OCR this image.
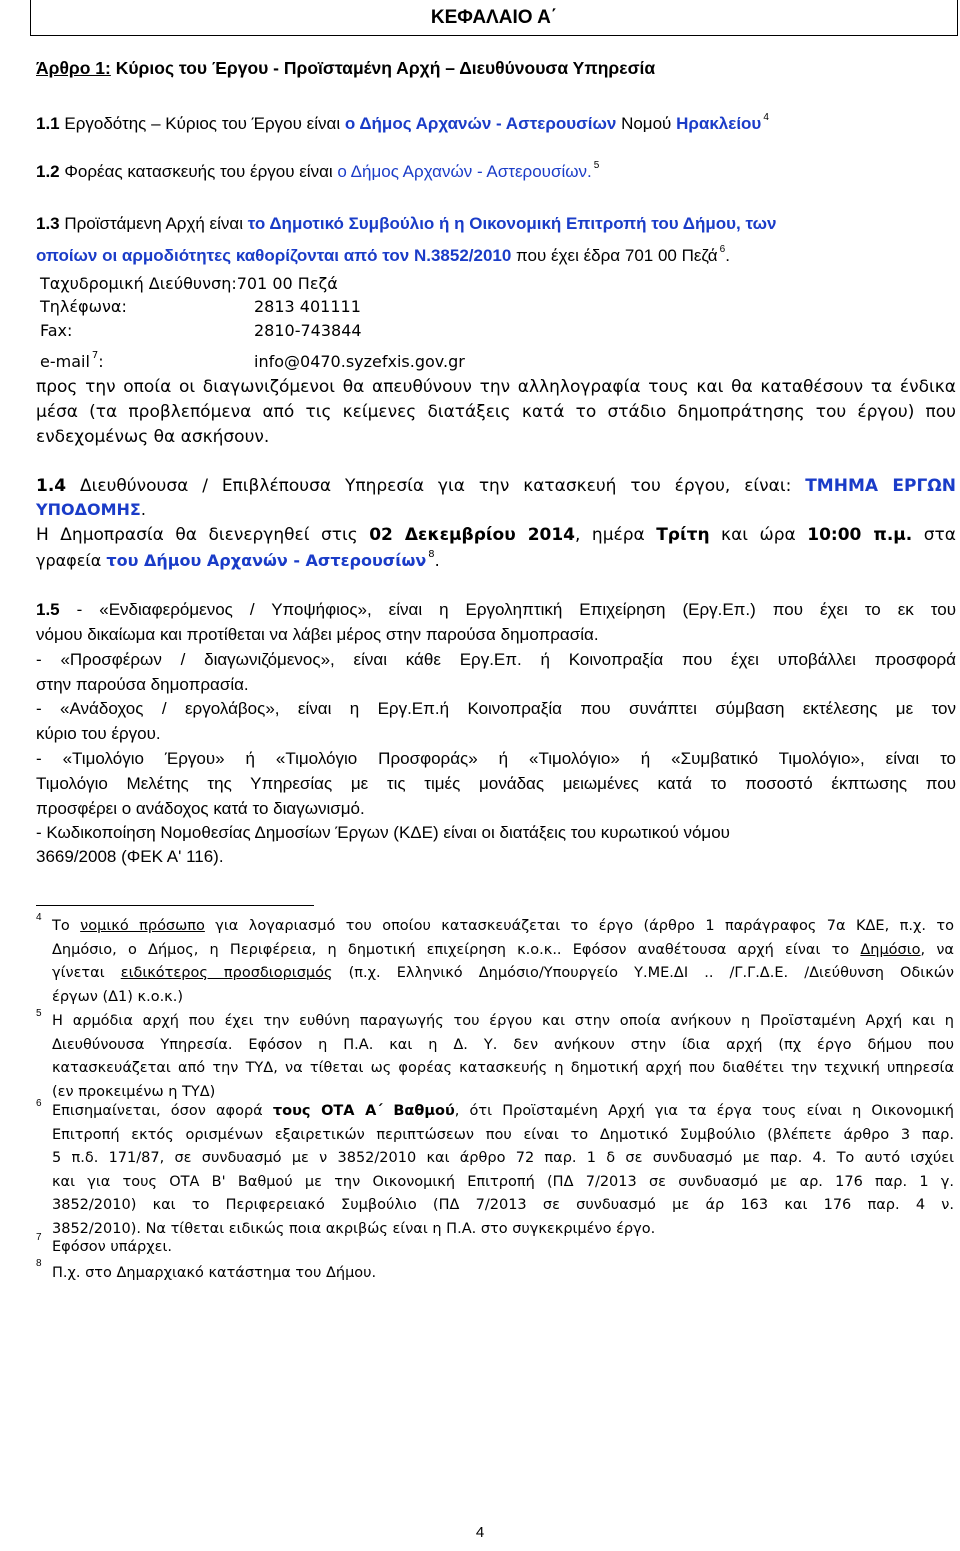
ΚΕΦΑΛΑΙΟ Α΄
Άρθρο 1: Κύριος του Έργου - Προϊσταμένη Αρχή – Διευθύνουσα Υπηρεσία
1.1 Εργοδότης – Κύριος του Έργου είναι ο Δήμος Αρχανών - Αστερουσίων Νομού Ηρακλείου $^4$
1.2 Φορέας κατασκευής του έργου είναι ο Δήμος Αρχανών - Αστερουσίων. $^5$
1.3 Προϊστάμενη Αρχή είναι το Δημοτικό Συμβούλιο ή η Οικονομική Επιτροπή του Δήμου, των
οποίων οι αρμοδιότητες καθορίζονται από τον Ν.3852/2010 που έχει έδρα 701 00 Πεζά $^6$.
Ταχυδρομική Διεύθυνση:701 00 Πεζά
Τηλέφωνα:	2813 401111
Fax:	2810-743844
e-mail $^7$:	info@0470.syzefxis.gov.gr
προς την οποία οι διαγωνιζόμενοι θα απευθύνουν την αλληλογραφία τους και θα καταθέσουν τα ένδικα
μέσα (τα προβλεπόμενα από τις κείμενες διατάξεις κατά το στάδιο δημοπράτησης του έργου) που
ενδεχομένως θα ασκήσουν.
1.4 Διευθύνουσα / Επιβλέπουσα Υπηρεσία για την κατασκευή του έργου, είναι: ΤΜΗΜΑ ΕΡΓΩΝ
ΥΠΟΔΟΜΗΣ.
Η Δημοπρασία θα διενεργηθεί στις 02 Δεκεμβρίου 2014, ημέρα Τρίτη και ώρα 10:00 π.μ. στα
γραφεία του Δήμου Αρχανών - Αστερουσίων $^8$.
1.5 - «Ενδιαφερόμενος / Υποψήφιος», είναι η Εργοληπτική Επιχείρηση (Εργ.Επ.) που έχει το εκ του
νόμου δικαίωμα και προτίθεται να λάβει μέρος στην παρούσα δημοπρασία.
- «Προσφέρων / διαγωνιζόμενος», είναι κάθε Εργ.Επ. ή Κοινοπραξία που έχει υποβάλλει προσφορά
στην παρούσα δημοπρασία.
- «Ανάδοχος / εργολάβος», είναι η Εργ.Επ.ή Κοινοπραξία που συνάπτει σύμβαση εκτέλεσης με τον
κύριο του έργου.
- «Τιμολόγιο Έργου» ή «Τιμολόγιο Προσφοράς» ή «Τιμολόγιο» ή «Συμβατικό Τιμολόγιο», είναι το
Τιμολόγιο Μελέτης της Υπηρεσίας με τις τιμές μονάδας μειωμένες κατά το ποσοστό έκπτωσης που
προσφέρει ο ανάδοχος κατά το διαγωνισμό.
- Κωδικοποίηση Νομοθεσίας Δημοσίων Έργων (ΚΔΕ) είναι οι διατάξεις του κυρωτικού νόμου
3669/2008 (ΦΕΚ Α' 116).
4
Το νομικό πρόσωπο για λογαριασμό του οποίου κατασκευάζεται το έργο (άρθρο 1 παράγραφος 7α ΚΔΕ, π.χ. το
Δημόσιο, ο Δήμος, η Περιφέρεια, η δημοτική επιχείρηση κ.ο.κ.. Εφόσον αναθέτουσα αρχή είναι το Δημόσιο, να
γίνεται ειδικότερος προσδιορισμός (π.χ. Ελληνικό Δημόσιο/Υπουργείο Υ.ΜΕ.ΔΙ .. /Γ.Γ.Δ.Ε. /Διεύθυνση Οδικών
έργων (Δ1) κ.ο.κ.)
5 Η αρμόδια αρχή που έχει την ευθύνη παραγωγής του έργου και στην οποία ανήκουν η Προϊσταμένη Αρχή και η
Διευθύνουσα Υπηρεσία. Εφόσον η Π.Α. και η Δ. Υ. δεν ανήκουν στην ίδια αρχή (πχ έργο δήμου που
κατασκευάζεται από την ΤΥΔ, να τίθεται ως φορέας κατασκευής η δημοτική αρχή που διαθέτει την τεχνική υπηρεσία
(εν προκειμένω η ΤΥΔ)
6 Επισημαίνεται, όσον αφορά τους ΟΤΑ Α΄ Βαθμού, ότι Προϊσταμένη Αρχή για τα έργα τους είναι η Οικονομική
Επιτροπή εκτός ορισμένων εξαιρετικών περιπτώσεων που είναι το Δημοτικό Συμβούλιο (βλέπετε άρθρο 3 παρ.
5 π.δ. 171/87, σε συνδυασμό με ν 3852/2010 και άρθρο 72 παρ. 1 δ σε συνδυασμό με παρ. 4. Το αυτό ισχύει
και για τους ΟΤΑ Β' Βαθμού με την Οικονομική Επιτροπή (ΠΔ 7/2013 σε συνδυασμό με αρ. 176 παρ. 1 γ.
3852/2010) και το Περιφερειακό Συμβούλιο (ΠΔ 7/2013 σε συνδυασμό με άρ 163 και 176 παρ. 4 ν.
3852/2010). Να τίθεται ειδικώς ποια ακριβώς είναι η Π.Α. στο συγκεκριμένο έργο.
7
Εφόσον υπάρχει.
8
Π.χ. στο Δημαρχιακό κατάστημα του Δήμου.
4
